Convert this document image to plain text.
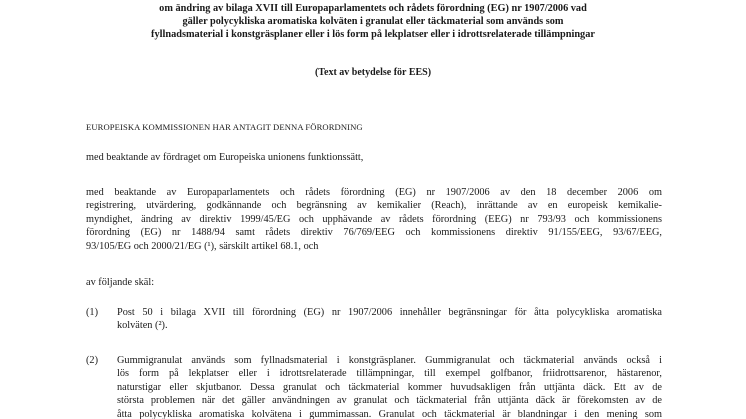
om ändring av bilaga XVII till Europaparlamentets och rådets förordning (EG) nr 1907/2006 vad
gäller polycykliska aromatiska kolväten i granulat eller täckmaterial som används som
fyllnadsmaterial i konstgräsplaner eller i lös form på lekplatser eller i idrottsrelaterade tillämpningar
(Text av betydelse för EES)
EUROPEISKA KOMMISSIONEN HAR ANTAGIT DENNA FÖRORDNING
med beaktande av fördraget om Europeiska unionens funktionssätt,
med beaktande av Europaparlamentets och rådets förordning (EG) nr 1907/2006 av den 18 december 2006 om
registrering, utvärdering, godkännande och begränsning av kemikalier (Reach), inrättande av en europeisk kemikalie-
myndighet, ändring av direktiv 1999/45/EG och upphävande av rådets förordning (EEG) nr 793/93 och kommissionens
förordning (EG) nr 1488/94 samt rådets direktiv 76/769/EEG och kommissionens direktiv 91/155/EEG, 93/67/EEG,
93/105/EG och 2000/21/EG (¹), särskilt artikel 68.1, och
av följande skäl:
(1) Post 50 i bilaga XVII till förordning (EG) nr 1907/2006 innehåller begränsningar för åtta polycykliska aromatiska
kolväten (²).
(2) Gummigranulat används som fyllnadsmaterial i konstgräsplaner. Gummigranulat och täckmaterial används också i
lös form på lekplatser eller i idrottsrelaterade tillämpningar, till exempel golfbanor, friidrottsarenor, hästarenor,
naturstigar eller skjutbanor. Dessa granulat och täckmaterial kommer huvudsakligen från uttjänta däck. Ett av de
största problemen när det gäller användningen av granulat och täckmaterial från uttjänta däck är förekomsten av de
åtta polycykliska aromatiska kolvätena i gummimassan. Granulat och täckmaterial är blandningar i den mening som
